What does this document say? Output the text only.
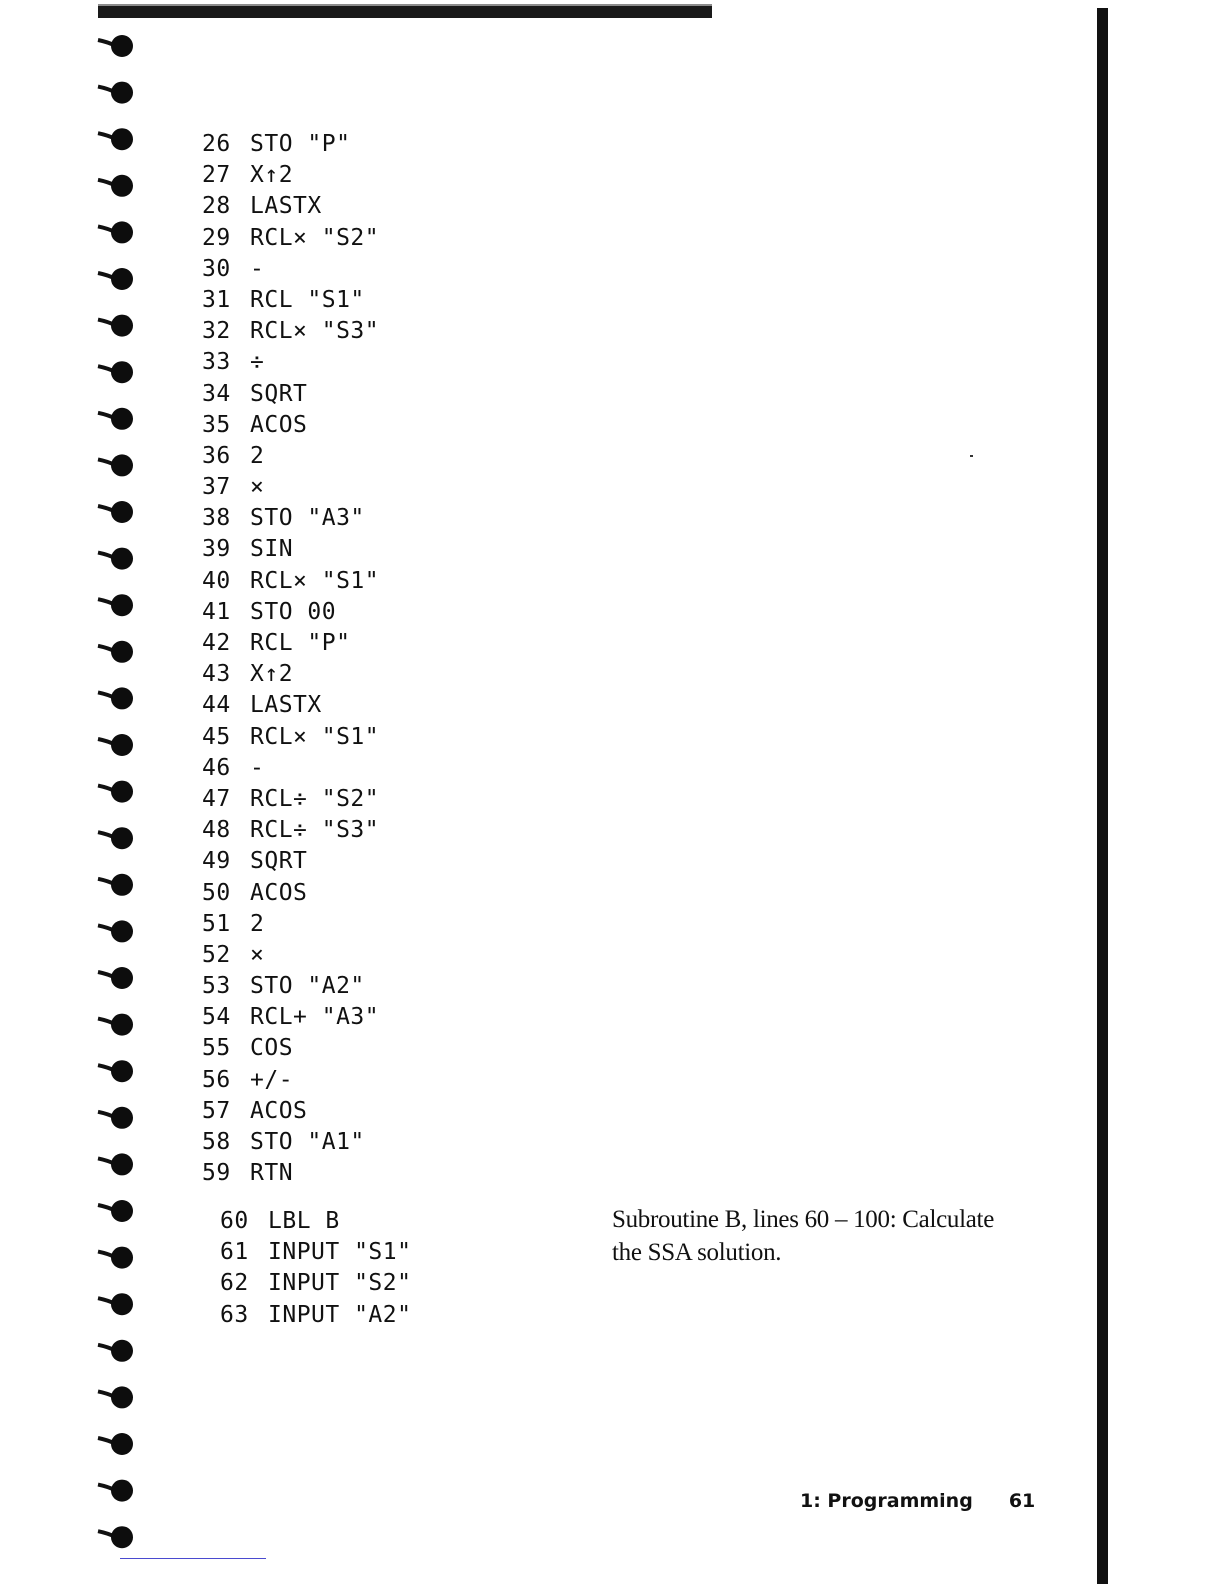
26 STO "P"
27 X↑2
28 LASTX
29 RCL× "S2"
30 -
31 RCL "S1"
32 RCL× "S3"
33 ÷
34 SQRT
35 ACOS
36 2
37 ×
38 STO "A3"
39 SIN
40 RCL× "S1"
41 STO 00
42 RCL "P"
43 X↑2
44 LASTX
45 RCL× "S1"
46 -
47 RCL÷ "S2"
48 RCL÷ "S3"
49 SQRT
50 ACOS
51 2
52 ×
53 STO "A2"
54 RCL+ "A3"
55 COS
56 +/-
57 ACOS
58 STO "A1"
59 RTN
60 LBL B
61 INPUT "S1"
62 INPUT "S2"
63 INPUT "A2"
Subroutine B, lines 60 – 100: Calculate
the SSA solution.
1: Programming 61
